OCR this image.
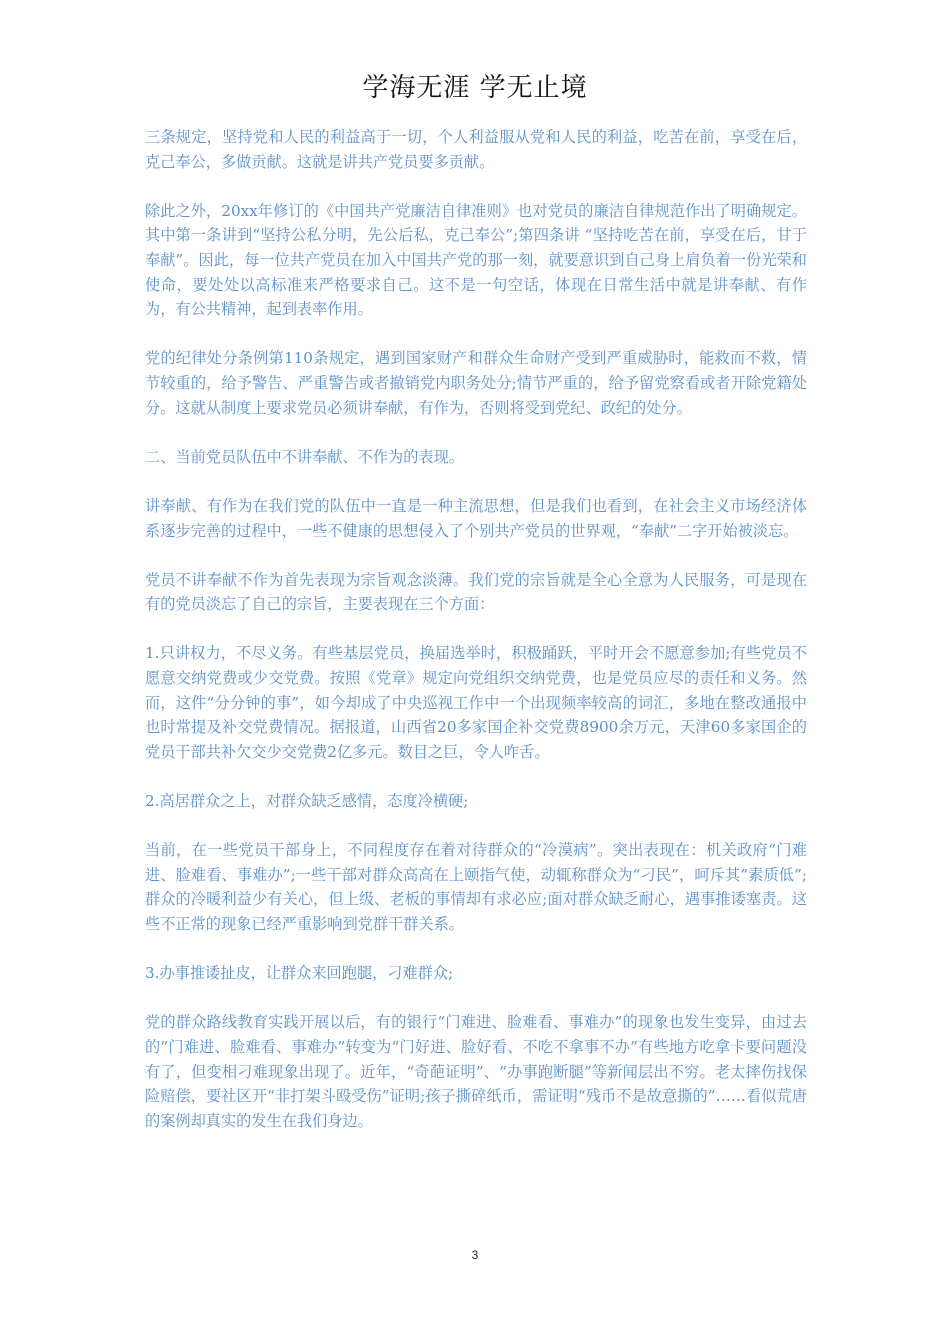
学海无涯 学无止境

三条规定，坚持党和人民的利益高于一切，个人利益服从党和人民的利益，吃苦在前，享受在后，克己奉公，多做贡献。这就是讲共产党员要多贡献。

除此之外，20xx年修订的《中国共产党廉洁自律准则》也对党员的廉洁自律规范作出了明确规定。其中第一条讲到“坚持公私分明，先公后私，克己奉公”;第四条讲 “坚持吃苦在前，享受在后，甘于奉献”。因此，每一位共产党员在加入中国共产党的那一刻，就要意识到自己身上肩负着一份光荣和使命，要处处以高标准来严格要求自己。这不是一句空话，体现在日常生活中就是讲奉献、有作为，有公共精神，起到表率作用。

党的纪律处分条例第110条规定，遇到国家财产和群众生命财产受到严重威胁时，能救而不救，情节较重的，给予警告、严重警告或者撤销党内职务处分;情节严重的，给予留党察看或者开除党籍处分。这就从制度上要求党员必须讲奉献，有作为，否则将受到党纪、政纪的处分。

二、当前党员队伍中不讲奉献、不作为的表现。

讲奉献、有作为在我们党的队伍中一直是一种主流思想，但是我们也看到，在社会主义市场经济体系逐步完善的过程中，一些不健康的思想侵入了个别共产党员的世界观，“奉献”二字开始被淡忘。

党员不讲奉献不作为首先表现为宗旨观念淡薄。我们党的宗旨就是全心全意为人民服务，可是现在有的党员淡忘了自己的宗旨，主要表现在三个方面：

1.只讲权力，不尽义务。有些基层党员，换届选举时，积极踊跃，平时开会不愿意参加;有些党员不愿意交纳党费或少交党费。按照《党章》规定向党组织交纳党费，也是党员应尽的责任和义务。然而，这件“分分钟的事”，如今却成了中央巡视工作中一个出现频率较高的词汇，多地在整改通报中也时常提及补交党费情况。据报道，山西省20多家国企补交党费8900余万元，天津60多家国企的党员干部共补欠交少交党费2亿多元。数目之巨，令人咋舌。

2.高居群众之上，对群众缺乏感情，态度冷横硬;

当前，在一些党员干部身上，不同程度存在着对待群众的“冷漠病”。突出表现在：机关政府“门难进、脸难看、事难办”;一些干部对群众高高在上颐指气使，动辄称群众为“刁民”，呵斥其“素质低”;群众的冷暖利益少有关心，但上级、老板的事情却有求必应;面对群众缺乏耐心，遇事推诿塞责。这些不正常的现象已经严重影响到党群干群关系。

3.办事推诿扯皮，让群众来回跑腿，刁难群众;

党的群众路线教育实践开展以后，有的银行“门难进、脸难看、事难办”的现象也发生变异，由过去的“门难进、脸难看、事难办”转变为“门好进、脸好看、不吃不拿事不办”有些地方吃拿卡要问题没有了，但变相刁难现象出现了。近年，“奇葩证明”、“办事跑断腿”等新闻层出不穷。老太摔伤找保险赔偿，要社区开“非打架斗殴受伤”证明;孩子撕碎纸币，需证明“残币不是故意撕的”……看似荒唐的案例却真实的发生在我们身边。

3
